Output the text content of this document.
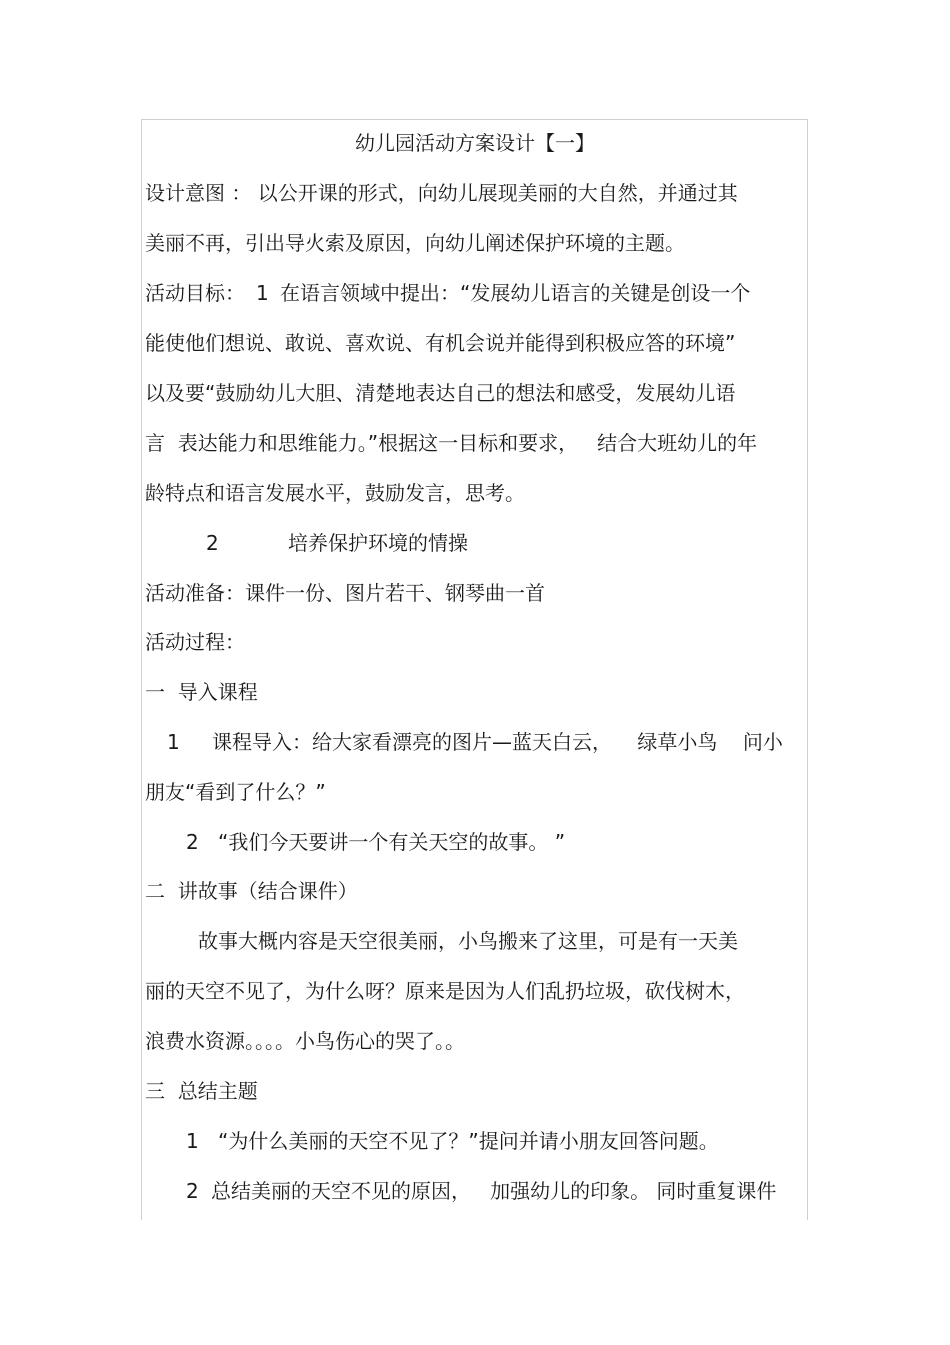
幼儿园活动方案设计【一】
设计意图 ： 以公开课的形式，向幼儿展现美丽的大自然，并通过其
美丽不再，引出导火索及原因，向幼儿阐述保护环境的主题。
活动目标： 1 在语言领域中提出：“发展幼儿语言的关键是创设一个
能使他们想说、敢说、喜欢说、有机会说并能得到积极应答的环境”
以及要“鼓励幼儿大胆、清楚地表达自己的想法和感受，发展幼儿语
言  表达能力和思维能力。”根据这一目标和要求，   结合大班幼儿的年
龄特点和语言发展水平，鼓励发言，思考。
2	培养保护环境的情操
活动准备：课件一份、图片若干、钢琴曲一首
活动过程：
一  导入课程
1 课程导入：给大家看漂亮的图片—蓝天白云，    绿草小鸟    问小
朋友“看到了什么？”
2 “我们今天要讲一个有关天空的故事。 ”
二  讲故事（结合课件）
故事大概内容是天空很美丽，小鸟搬来了这里，可是有一天美
丽的天空不见了，为什么呀？原来是因为人们乱扔垃圾，砍伐树木，
浪费水资源。。。。小鸟伤心的哭了。。
三  总结主题
1 “为什么美丽的天空不见了？”提问并请小朋友回答问题。
2 总结美丽的天空不见的原因，   加强幼儿的印象。 同时重复课件
